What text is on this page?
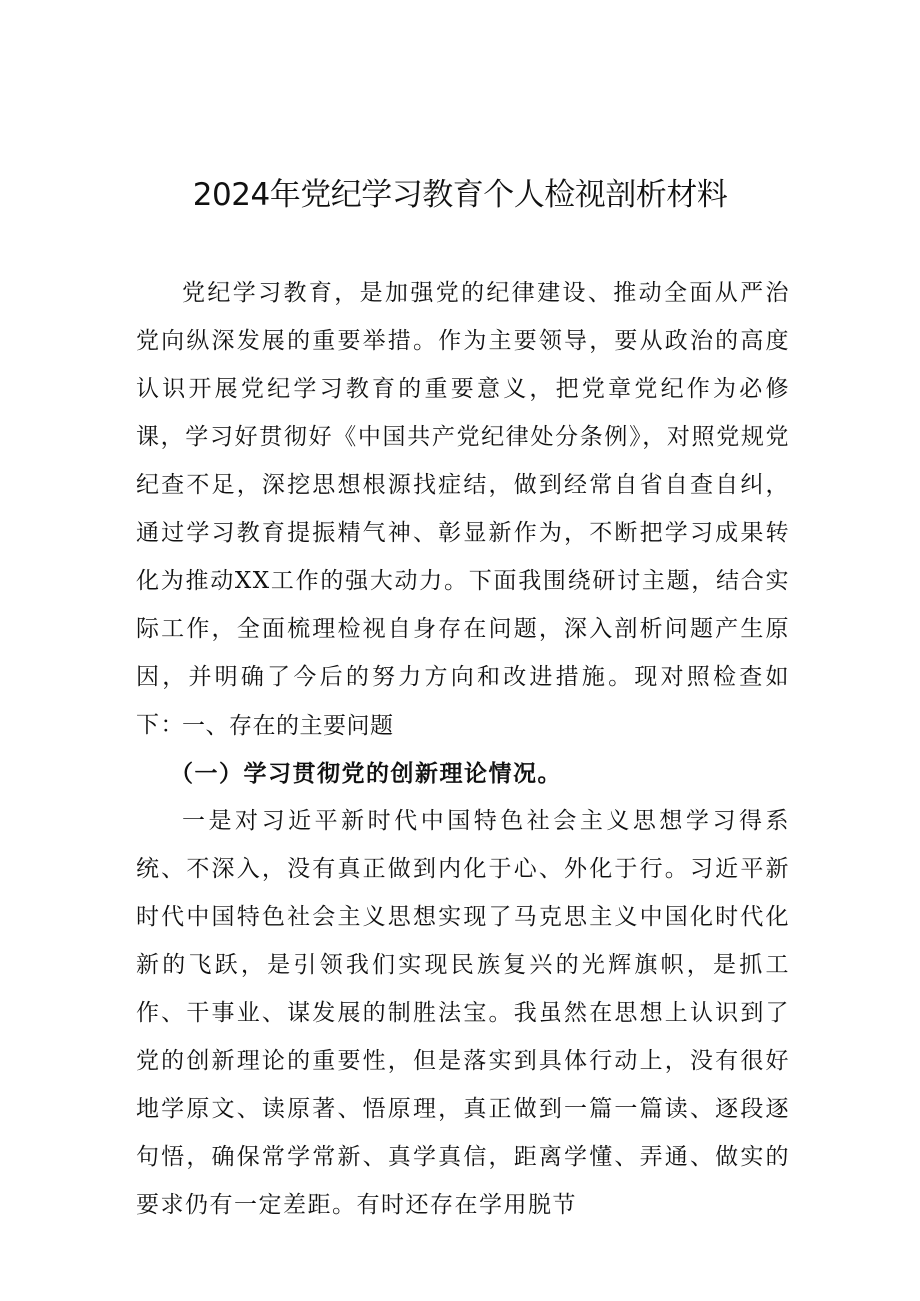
2024年党纪学习教育个人检视剖析材料

党纪学习教育，是加强党的纪律建设、推动全面从严治党向纵深发展的重要举措。作为主要领导，要从政治的高度认识开展党纪学习教育的重要意义，把党章党纪作为必修课，学习好贯彻好《中国共产党纪律处分条例》，对照党规党纪查不足，深挖思想根源找症结，做到经常自省自查自纠，通过学习教育提振精气神、彰显新作为，不断把学习成果转化为推动XX工作的强大动力。下面我围绕研讨主题，结合实际工作，全面梳理检视自身存在问题，深入剖析问题产生原因，并明确了今后的努力方向和改进措施。现对照检查如下：

一、存在的主要问题
（一）学习贯彻党的创新理论情况。

一是对习近平新时代中国特色社会主义思想学习得系统、不深入，没有真正做到内化于心、外化于行。习近平新时代中国特色社会主义思想实现了马克思主义中国化时代化新的飞跃，是引领我们实现民族复兴的光辉旗帜，是抓工作、干事业、谋发展的制胜法宝。我虽然在思想上认识到了党的创新理论的重要性，但是落实到具体行动上，没有很好地学原文、读原著、悟原理，真正做到一篇一篇读、逐段逐句悟，确保常学常新、真学真信，距离学懂、弄通、做实的要求仍有一定差距。有时还存在学用脱节
